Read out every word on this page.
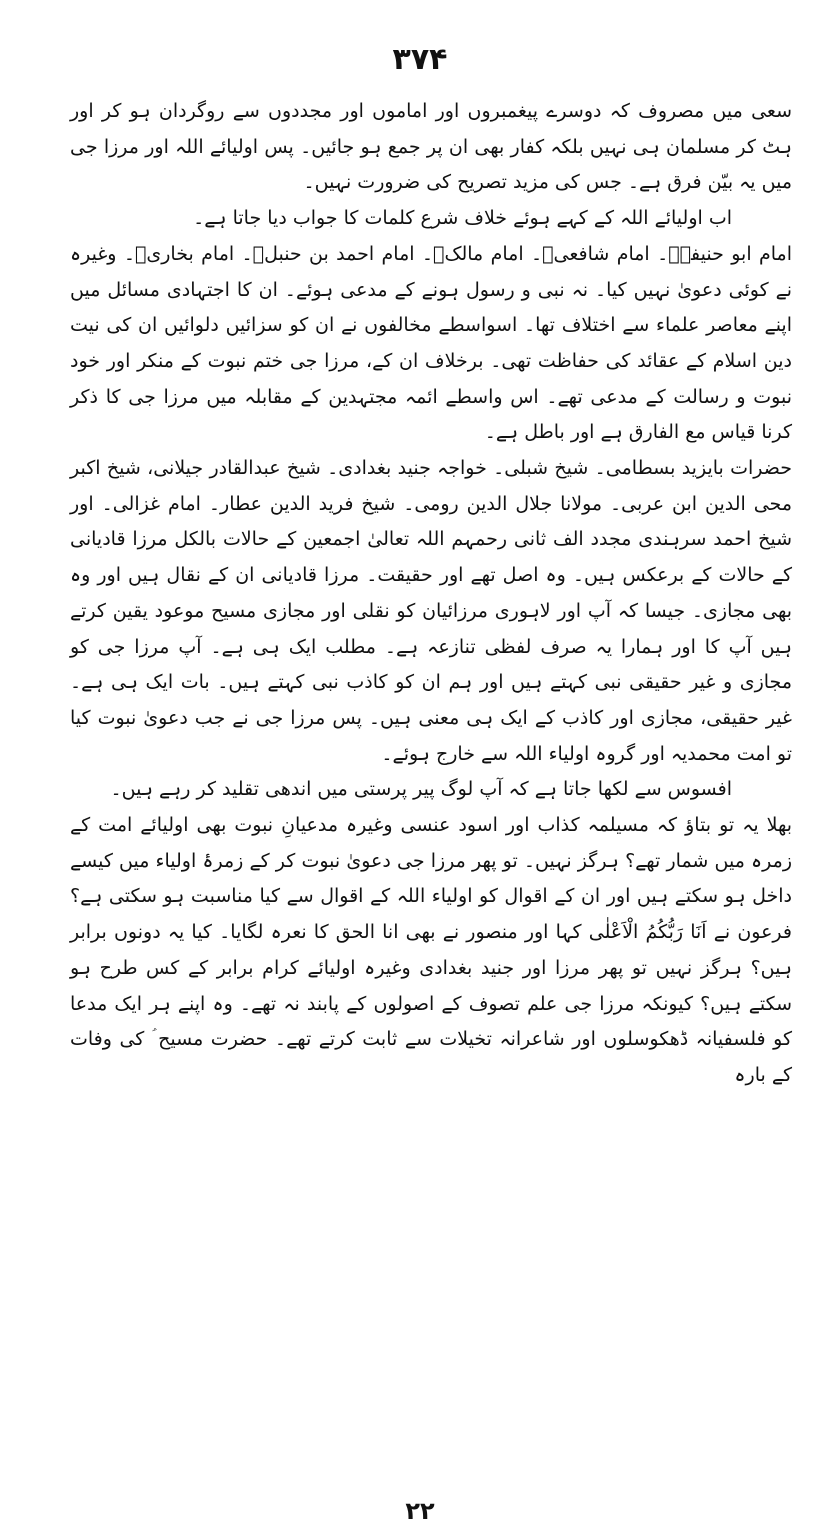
۳۷۴

سعی میں مصروف کہ دوسرے پیغمبروں اور اماموں اور مجددوں سے روگردان ہو کر اور ہٹ کر مسلمان ہی نہیں بلکہ کفار بھی ان پر جمع ہو جائیں۔ پس اولیائے اللہ اور مرزا جی میں یہ بیّن فرق ہے۔ جس کی مزید تصریح کی ضرورت نہیں۔

اب اولیائے اللہ کے کہے ہوئے خلاف شرع کلمات کا جواب دیا جاتا ہے۔

امام ابو حنیفہؒ۔ امام شافعیؒ۔ امام مالکؒ۔ امام احمد بن حنبلؒ۔ امام بخاریؒ۔ وغیرہ نے کوئی دعویٰ نہیں کیا۔ نہ نبی و رسول ہونے کے مدعی ہوئے۔ ان کا اجتہادی مسائل میں اپنے معاصر علماء سے اختلاف تھا۔ اسواسطے مخالفوں نے ان کو سزائیں دلوائیں ان کی نیت دین اسلام کے عقائد کی حفاظت تھی۔ برخلاف ان کے، مرزا جی ختم نبوت کے منکر اور خود نبوت و رسالت کے مدعی تھے۔ اس واسطے ائمہ مجتہدین کے مقابلہ میں مرزا جی کا ذکر کرنا قیاس مع الفارق ہے اور باطل ہے۔

حضرات بایزید بسطامی۔ شیخ شبلی۔ خواجہ جنید بغدادی۔ شیخ عبدالقادر جیلانی، شیخ اکبر محی الدین ابن عربی۔ مولانا جلال الدین رومی۔ شیخ فرید الدین عطار۔ امام غزالی۔ اور شیخ احمد سرہندی مجدد الف ثانی رحمہم اللہ تعالیٰ اجمعین کے حالات بالکل مرزا قادیانی کے حالات کے برعکس ہیں۔ وہ اصل تھے اور حقیقت۔ مرزا قادیانی ان کے نقال ہیں اور وہ بھی مجازی۔ جیسا کہ آپ اور لاہوری مرزائیان کو نقلی اور مجازی مسیح موعود یقین کرتے ہیں آپ کا اور ہمارا یہ صرف لفظی تنازعہ ہے۔ مطلب ایک ہی ہے۔ آپ مرزا جی کو مجازی و غیر حقیقی نبی کہتے ہیں اور ہم ان کو کاذب نبی کہتے ہیں۔ بات ایک ہی ہے۔ غیر حقیقی، مجازی اور کاذب کے ایک ہی معنی ہیں۔ پس مرزا جی نے جب دعویٰ نبوت کیا تو امت محمدیہ اور گروہ اولیاء اللہ سے خارج ہوئے۔

افسوس سے لکھا جاتا ہے کہ آپ لوگ پیر پرستی میں اندھی تقلید کر رہے ہیں۔

بھلا یہ تو بتاؤ کہ مسیلمہ کذاب اور اسود عنسی وغیرہ مدعیانِ نبوت بھی اولیائے امت کے زمرہ میں شمار تھے؟ ہرگز نہیں۔ تو پھر مرزا جی دعویٰ نبوت کر کے زمرۂ اولیاء میں کیسے داخل ہو سکتے ہیں اور ان کے اقوال کو اولیاء اللہ کے اقوال سے کیا مناسبت ہو سکتی ہے؟ فرعون نے اَنَا رَبُّکُمُ الْاَعْلٰی کہا اور منصور نے بھی انا الحق کا نعرہ لگایا۔ کیا یہ دونوں برابر ہیں؟ ہرگز نہیں تو پھر مرزا اور جنید بغدادی وغیرہ اولیائے کرام برابر کے کس طرح ہو سکتے ہیں؟ کیونکہ مرزا جی علم تصوف کے اصولوں کے پابند نہ تھے۔ وہ اپنے ہر ایک مدعا کو فلسفیانہ ڈھکوسلوں اور شاعرانہ تخیلات سے ثابت کرتے تھے۔ حضرت مسیح ؑ کی وفات کے بارہ

۲۲
